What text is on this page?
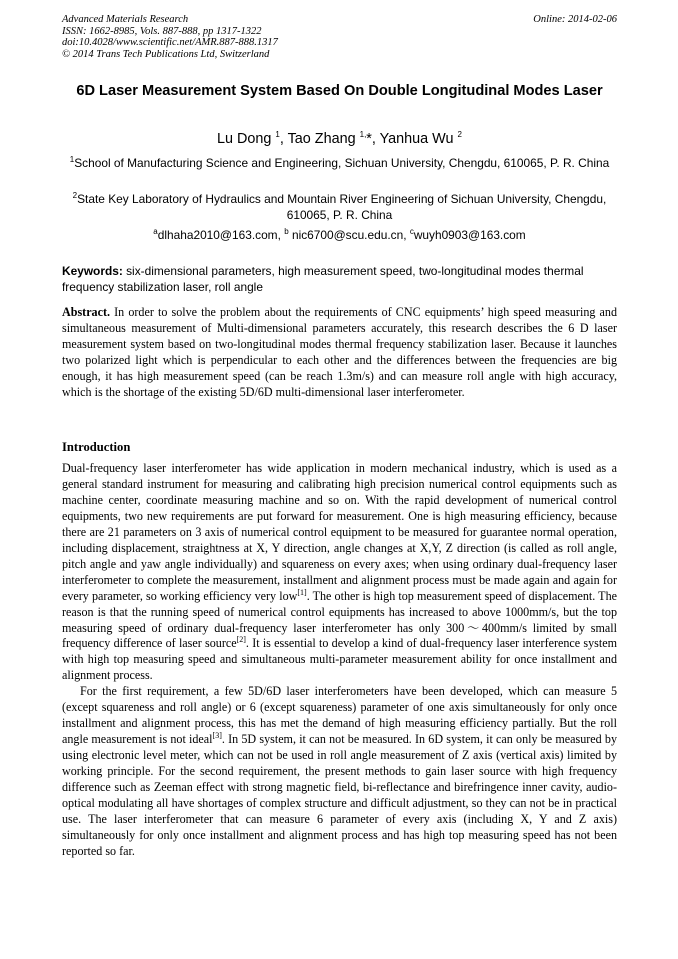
Advanced Materials Research
ISSN: 1662-8985, Vols. 887-888, pp 1317-1322
doi:10.4028/www.scientific.net/AMR.887-888.1317
© 2014 Trans Tech Publications Ltd, Switzerland
Online: 2014-02-06
6D Laser Measurement System Based On Double Longitudinal Modes Laser
Lu Dong $^1$, Tao Zhang $^{1,}$*, Yanhua Wu $^2$
$^1$School of Manufacturing Science and Engineering, Sichuan University, Chengdu, 610065, P. R. China
$^2$State Key Laboratory of Hydraulics and Mountain River Engineering of Sichuan University, Chengdu, 610065, P. R. China
$^a$dlhaha2010@163.com, $^b$ nic6700@scu.edu.cn, $^c$wuyh0903@163.com
Keywords: six-dimensional parameters, high measurement speed, two-longitudinal modes thermal frequency stabilization laser, roll angle
Abstract. In order to solve the problem about the requirements of CNC equipments’ high speed measuring and simultaneous measurement of Multi-dimensional parameters accurately, this research describes the 6 D laser measurement system based on two-longitudinal modes thermal frequency stabilization laser. Because it launches two polarized light which is perpendicular to each other and the differences between the frequencies are big enough, it has high measurement speed (can be reach 1.3m/s) and can measure roll angle with high accuracy, which is the shortage of the existing 5D/6D multi-dimensional laser interferometer.
Introduction

Dual-frequency laser interferometer has wide application in modern mechanical industry, which is used as a general standard instrument for measuring and calibrating high precision numerical control equipments such as machine center, coordinate measuring machine and so on. With the rapid development of numerical control equipments, two new requirements are put forward for measurement. One is high measuring efficiency, because there are 21 parameters on 3 axis of numerical control equipment to be measured for guarantee normal operation, including displacement, straightness at X, Y direction, angle changes at X,Y, Z direction (is called as roll angle, pitch angle and yaw angle individually) and squareness on every axes; when using ordinary dual-frequency laser interferometer to complete the measurement, installment and alignment process must be made again and again for every parameter, so working efficiency very low[1]. The other is high top measurement speed of displacement. The reason is that the running speed of numerical control equipments has increased to above 1000mm/s, but the top measuring speed of ordinary dual-frequency laser interferometer has only 300～400mm/s limited by small frequency difference of laser source[2]. It is essential to develop a kind of dual-frequency laser interference system with high top measuring speed and simultaneous multi-parameter measurement ability for once installment and alignment process.

For the first requirement, a few 5D/6D laser interferometers have been developed, which can measure 5 (except squareness and roll angle) or 6 (except squareness) parameter of one axis simultaneously for only once installment and alignment process, this has met the demand of high measuring efficiency partially. But the roll angle measurement is not ideal[3]. In 5D system, it can not be measured. In 6D system, it can only be measured by using electronic level meter, which can not be used in roll angle measurement of Z axis (vertical axis) limited by working principle. For the second requirement, the present methods to gain laser source with high frequency difference such as Zeeman effect with strong magnetic field, bi-reflectance and birefringence inner cavity, audio-optical modulating all have shortages of complex structure and difficult adjustment, so they can not be in practical use. The laser interferometer that can measure 6 parameter of every axis (including X, Y and Z axis) simultaneously for only once installment and alignment process and has high top measuring speed has not been reported so far.
